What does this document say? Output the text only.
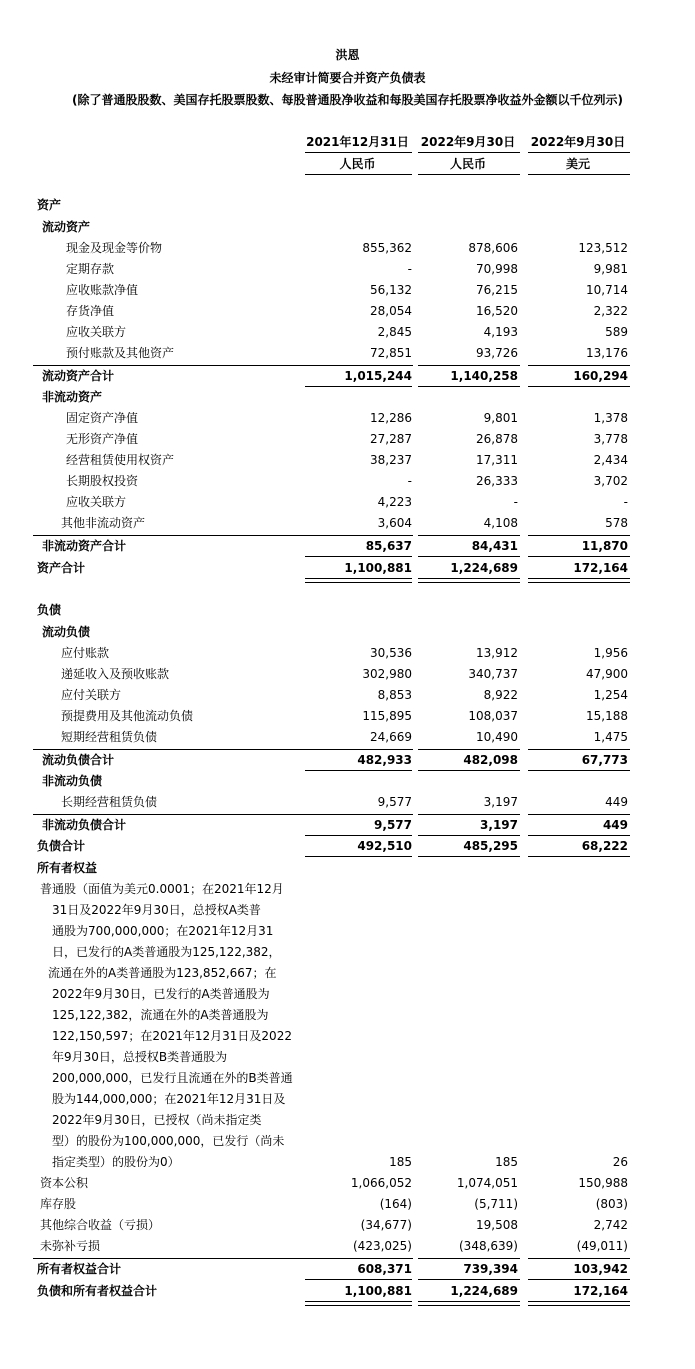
洪恩
未经审计简要合并资产负债表
(除了普通股股数、美国存托股票股数、每股普通股净收益和每股美国存托股票净收益外金额以千位列示)
2021年12月31日 2022年9月30日 2022年9月30日
人民币	人民币	美元
资产
流动资产
现金及现金等价物	855,362	878,606	123,512
定期存款	-	70,998	9,981
应收账款净值	56,132	76,215	10,714
存货净值	28,054	16,520	2,322
应收关联方	2,845	4,193	589
预付账款及其他资产	72,851	93,726	13,176
流动资产合计	1,015,244	1,140,258	160,294
非流动资产
固定资产净值	12,286	9,801	1,378
无形资产净值	27,287	26,878	3,778
经营租赁使用权资产	38,237	17,311	2,434
长期股权投资	-	26,333	3,702
应收关联方	4,223	-	-
其他非流动资产	3,604	4,108	578
非流动资产合计	85,637	84,431	11,870
资产合计	1,100,881	1,224,689	172,164
负债
流动负债
应付账款	30,536	13,912	1,956
递延收入及预收账款	302,980	340,737	47,900
应付关联方	8,853	8,922	1,254
预提费用及其他流动负债	115,895	108,037	15,188
短期经营租赁负债	24,669	10,490	1,475
流动负债合计	482,933	482,098	67,773
非流动负债
长期经营租赁负债	9,577	3,197	449
非流动负债合计	9,577	3,197	449
负债合计	492,510	485,295	68,222
所有者权益
普通股（面值为美元0.0001；在2021年12月
31日及2022年9月30日，总授权A类普
通股为700,000,000；在2021年12月31
日，已发行的A类普通股为125,122,382，
流通在外的A类普通股为123,852,667；在
2022年9月30日，已发行的A类普通股为
125,122,382，流通在外的A类普通股为
122,150,597；在2021年12月31日及2022
年9月30日，总授权B类普通股为
200,000,000，已发行且流通在外的B类普通
股为144,000,000；在2021年12月31日及
2022年9月30日，已授权（尚未指定类
型）的股份为100,000,000，已发行（尚未
指定类型）的股份为0）	185	185	26
资本公积	1,066,052	1,074,051	150,988
库存股	(164)	(5,711)	(803)
其他综合收益（亏损）	(34,677)	19,508	2,742
未弥补亏损	(423,025)	(348,639)	(49,011)
所有者权益合计	608,371	739,394	103,942
负债和所有者权益合计	1,100,881	1,224,689	172,164
